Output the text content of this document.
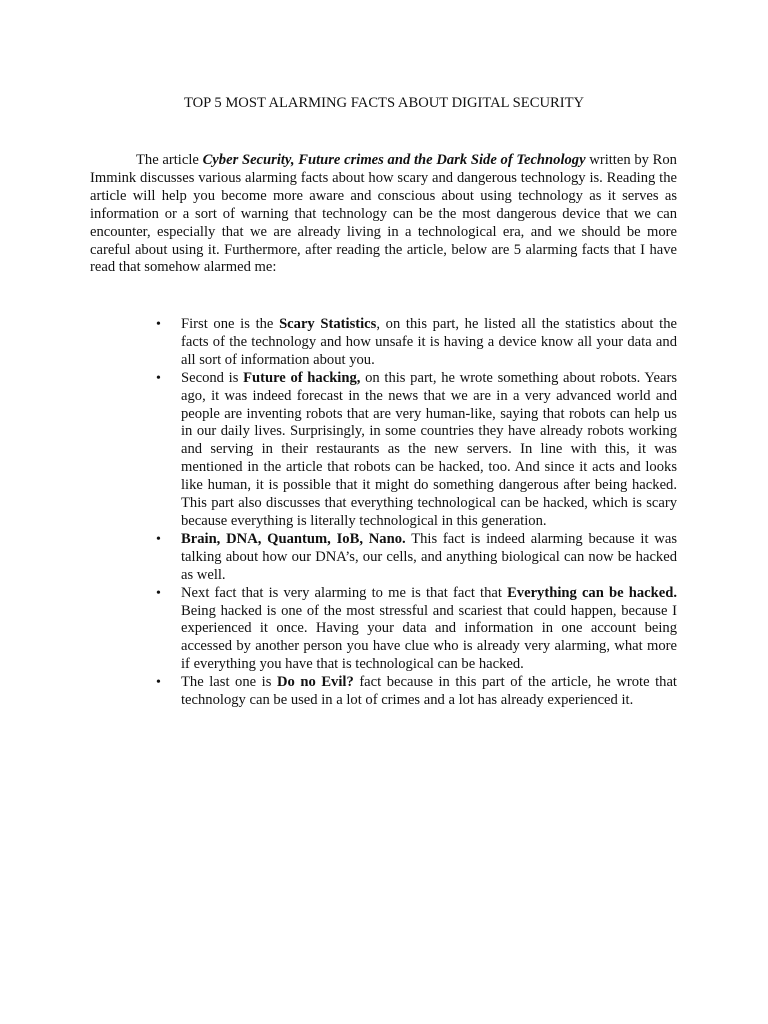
TOP 5 MOST ALARMING FACTS ABOUT DIGITAL SECURITY

The article Cyber Security, Future crimes and the Dark Side of Technology written by Ron Immink discusses various alarming facts about how scary and dangerous technology is. Reading the article will help you become more aware and conscious about using technology as it serves as information or a sort of warning that technology can be the most dangerous device that we can encounter, especially that we are already living in a technological era, and we should be more careful about using it. Furthermore, after reading the article, below are 5 alarming facts that I have read that somehow alarmed me:

• First one is the Scary Statistics, on this part, he listed all the statistics about the facts of the technology and how unsafe it is having a device know all your data and all sort of information about you.
• Second is Future of hacking, on this part, he wrote something about robots. Years ago, it was indeed forecast in the news that we are in a very advanced world and people are inventing robots that are very human-like, saying that robots can help us in our daily lives. Surprisingly, in some countries they have already robots working and serving in their restaurants as the new servers. In line with this, it was mentioned in the article that robots can be hacked, too. And since it acts and looks like human, it is possible that it might do something dangerous after being hacked. This part also discusses that everything technological can be hacked, which is scary because everything is literally technological in this generation.
• Brain, DNA, Quantum, IoB, Nano. This fact is indeed alarming because it was talking about how our DNA’s, our cells, and anything biological can now be hacked as well.
• Next fact that is very alarming to me is that fact that Everything can be hacked. Being hacked is one of the most stressful and scariest that could happen, because I experienced it once. Having your data and information in one account being accessed by another person you have clue who is already very alarming, what more if everything you have that is technological can be hacked.
• The last one is Do no Evil? fact because in this part of the article, he wrote that technology can be used in a lot of crimes and a lot has already experienced it.
